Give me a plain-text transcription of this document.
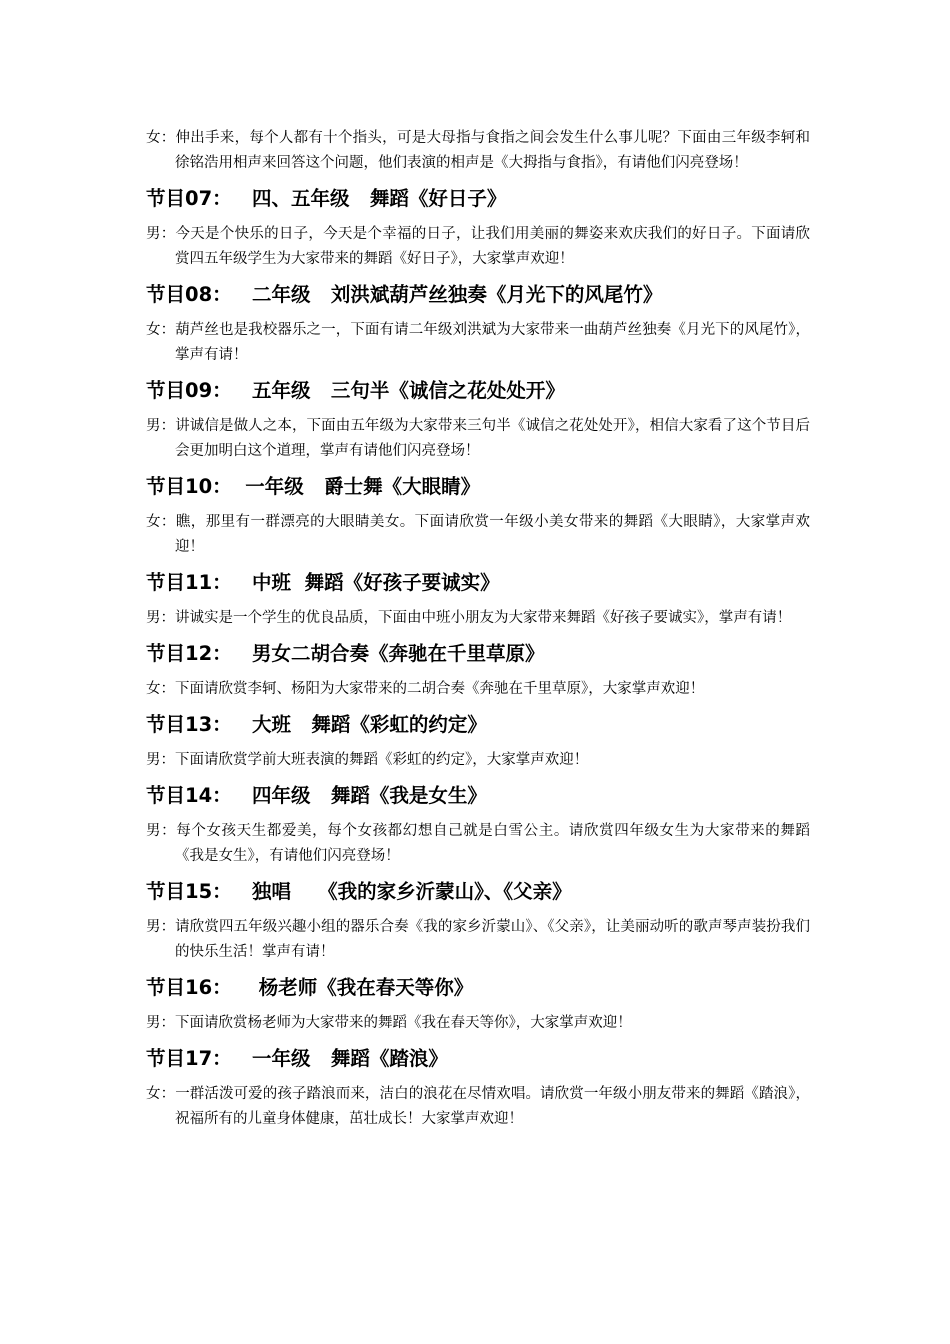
女：伸出手来，每个人都有十个指头，可是大母指与食指之间会发生什么事儿呢？下面由三年级李轲和徐铭浩用相声来回答这个问题，他们表演的相声是《大拇指与食指》，有请他们闪亮登场！

节目07：   四、五年级   舞蹈《好日子》

男：今天是个快乐的日子，今天是个幸福的日子，让我们用美丽的舞姿来欢庆我们的好日子。下面请欣赏四五年级学生为大家带来的舞蹈《好日子》，大家掌声欢迎！

节目08：   二年级   刘洪斌葫芦丝独奏《月光下的风尾竹》

女：葫芦丝也是我校器乐之一，下面有请二年级刘洪斌为大家带来一曲葫芦丝独奏《月光下的风尾竹》，掌声有请！

节目09：   五年级   三句半《诚信之花处处开》

男：讲诚信是做人之本，下面由五年级为大家带来三句半《诚信之花处处开》，相信大家看了这个节目后会更加明白这个道理，掌声有请他们闪亮登场！

节目10：  一年级   爵士舞《大眼睛》

女：瞧，那里有一群漂亮的大眼睛美女。下面请欣赏一年级小美女带来的舞蹈《大眼睛》，大家掌声欢迎！

节目11：   中班  舞蹈《好孩子要诚实》

男：讲诚实是一个学生的优良品质，下面由中班小朋友为大家带来舞蹈《好孩子要诚实》，掌声有请！

节目12：   男女二胡合奏《奔驰在千里草原》

女：下面请欣赏李轲、杨阳为大家带来的二胡合奏《奔驰在千里草原》，大家掌声欢迎！

节目13：   大班   舞蹈《彩虹的约定》

男：下面请欣赏学前大班表演的舞蹈《彩虹的约定》，大家掌声欢迎！

节目14：   四年级   舞蹈《我是女生》

男：每个女孩天生都爱美，每个女孩都幻想自己就是白雪公主。请欣赏四年级女生为大家带来的舞蹈《我是女生》，有请他们闪亮登场！

节目15：   独唱    《我的家乡沂蒙山》、《父亲》

男：请欣赏四五年级兴趣小组的器乐合奏《我的家乡沂蒙山》、《父亲》，让美丽动听的歌声琴声装扮我们的快乐生活！掌声有请！

节目16：    杨老师《我在春天等你》

男：下面请欣赏杨老师为大家带来的舞蹈《我在春天等你》，大家掌声欢迎！

节目17：   一年级   舞蹈《踏浪》

女：一群活泼可爱的孩子踏浪而来，洁白的浪花在尽情欢唱。请欣赏一年级小朋友带来的舞蹈《踏浪》，祝福所有的儿童身体健康，茁壮成长！大家掌声欢迎！
